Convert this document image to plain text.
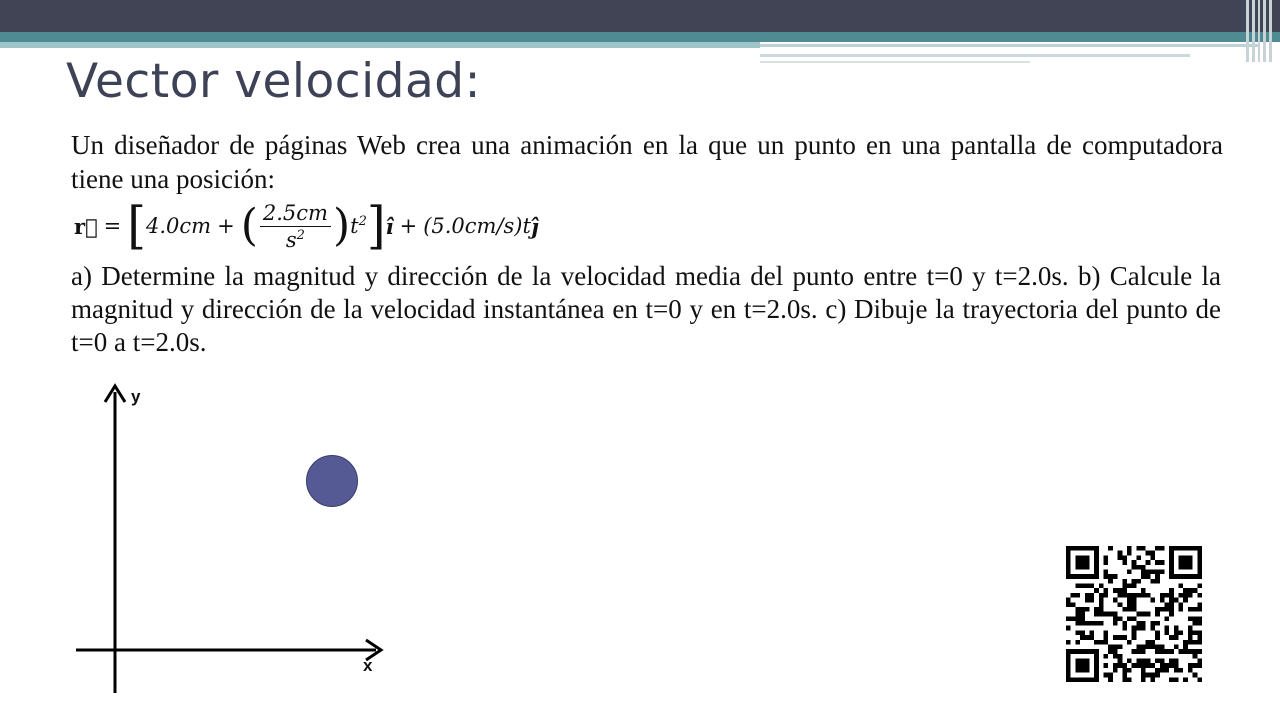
Vector velocidad:

Un diseñador de páginas Web crea una animación en la que un punto en una pantalla de computadora tiene una posición:

r⃗ = [ 4.0cm + ( $\frac{2.5cm}{s^2}$ ) $t^2$ ] î + (5.0cm/s)t ĵ

a) Determine la magnitud y dirección de la velocidad media del punto entre t=0 y t=2.0s. b) Calcule la magnitud y dirección de la velocidad instantánea en t=0 y en t=2.0s. c) Dibuje la trayectoria del punto de t=0 a t=2.0s.

y
x
